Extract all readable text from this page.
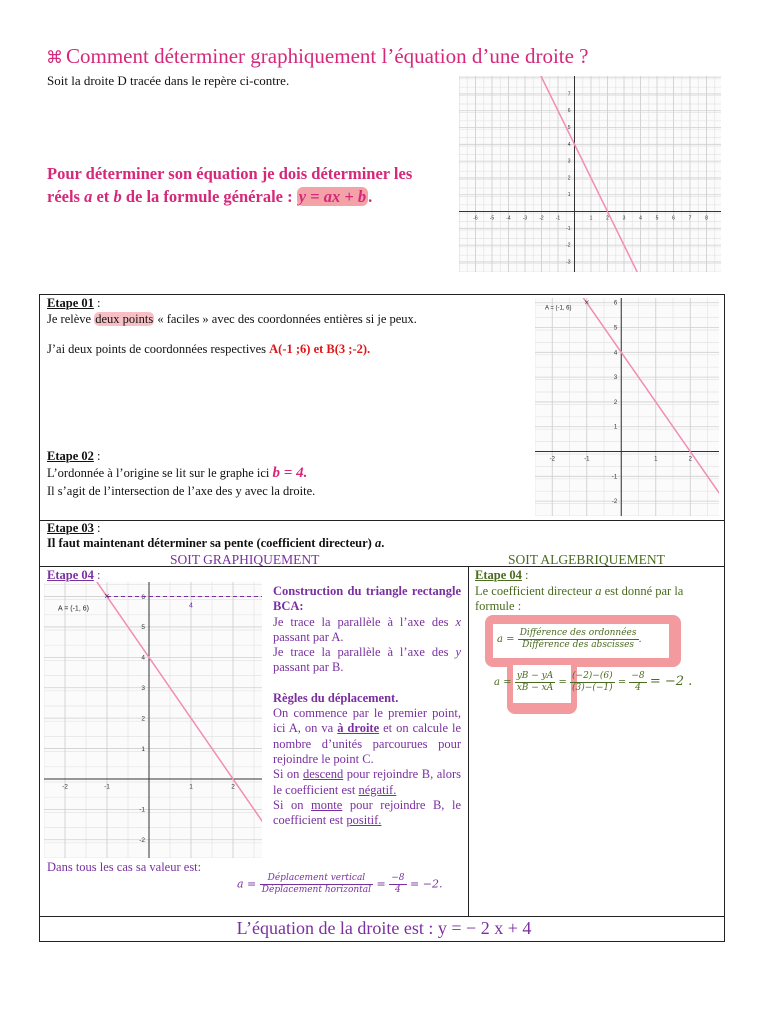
⌘ Comment déterminer graphiquement l’équation d’une droite ?
Soit la droite D tracée dans le repère ci-contre.
Pour déterminer son équation je dois déterminer les
réels a et b de la formule générale : y = ax + b .
-6 -5 -4 -3 -2 -1	1	2	3	4	5	6	7	8
7
6
5
4
3
2
1
-1
-2
-3
Etape 01 :
Je relève deux points « faciles » avec des coordonnées entières si je peux.
J’ai deux points de coordonnées respectives A(-1 ;6) et B(3 ;-2).
Etape 02 :
L’ordonnée à l’origine se lit sur le graphe ici b = 4.
Il s’agit de l’intersection de l’axe des y avec la droite.
-2	-1	1	2
6
5
4
3
2
1
-1
-2
×
A = (-1, 6)
Etape 03 :
Il faut maintenant déterminer sa pente (coefficient directeur) a.
SOIT GRAPHIQUEMENT	SOIT ALGEBRIQUEMENT
Etape 04 :
-2	-1	1	2
6
5
4
3
2
1
-1
-2
4
×
A = (-1, 6)
Construction du triangle rectangle BCA:
Je trace la parallèle à l’axe des x passant par A.
Je trace la parallèle à l’axe des y passant par B.
Règles du déplacement.
On commence par le premier point, ici A, on va à droite et on calcule le nombre d’unités parcourues pour rejoindre le point C.
Si on descend pour rejoindre B, alors le coefficient est négatif.
Si on monte pour rejoindre B, le coefficient est positif.
Dans tous les cas sa valeur est:
$a = \frac{\text{Déplacement vertical}}{\text{Déplacement horizontal}} = \frac{-8}{4} = -2$.
Etape 04 :
Le coefficient directeur a est donné par la formule :
$a = \frac{\text{Différence des ordonnées}}{\text{Différence des abscisses}}$ .
$a = \frac{yB - yA}{xB - xA} = \frac{(-2)-(6)}{(3)-(-1)} = \frac{-8}{4} = -2$ .
L’équation de la droite est : y = − 2 x + 4
